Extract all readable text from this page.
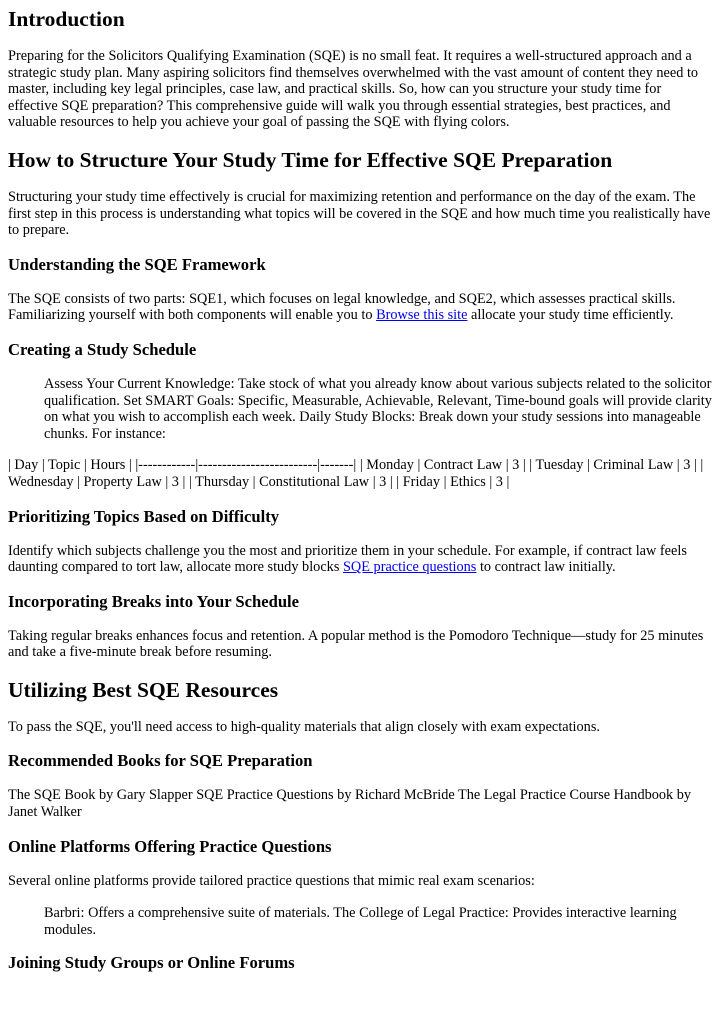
Introduction

Preparing for the Solicitors Qualifying Examination (SQE) is no small feat. It requires a well-structured approach and a strategic study plan. Many aspiring solicitors find themselves overwhelmed with the vast amount of content they need to master, including key legal principles, case law, and practical skills. So, how can you structure your study time for effective SQE preparation? This comprehensive guide will walk you through essential strategies, best practices, and valuable resources to help you achieve your goal of passing the SQE with flying colors.

How to Structure Your Study Time for Effective SQE Preparation

Structuring your study time effectively is crucial for maximizing retention and performance on the day of the exam. The first step in this process is understanding what topics will be covered in the SQE and how much time you realistically have to prepare.

Understanding the SQE Framework

The SQE consists of two parts: SQE1, which focuses on legal knowledge, and SQE2, which assesses practical skills. Familiarizing yourself with both components will enable you to Browse this site allocate your study time efficiently.

Creating a Study Schedule
Assess Your Current Knowledge: Take stock of what you already know about various subjects related to the solicitor qualification. Set SMART Goals: Specific, Measurable, Achievable, Relevant, Time-bound goals will provide clarity on what you wish to accomplish each week. Daily Study Blocks: Break down your study sessions into manageable chunks. For instance:

| Day | Topic | Hours | |------------|-------------------------|-------| | Monday | Contract Law | 3 | | Tuesday | Criminal Law | 3 | | Wednesday | Property Law | 3 | | Thursday | Constitutional Law | 3 | | Friday | Ethics | 3 |

Prioritizing Topics Based on Difficulty

Identify which subjects challenge you the most and prioritize them in your schedule. For example, if contract law feels daunting compared to tort law, allocate more study blocks SQE practice questions to contract law initially.

Incorporating Breaks into Your Schedule

Taking regular breaks enhances focus and retention. A popular method is the Pomodoro Technique—study for 25 minutes and take a five-minute break before resuming.

Utilizing Best SQE Resources

To pass the SQE, you'll need access to high-quality materials that align closely with exam expectations.

Recommended Books for SQE Preparation

The SQE Book by Gary Slapper SQE Practice Questions by Richard McBride The Legal Practice Course Handbook by Janet Walker

Online Platforms Offering Practice Questions

Several online platforms provide tailored practice questions that mimic real exam scenarios:

Barbri: Offers a comprehensive suite of materials. The College of Legal Practice: Provides interactive learning modules.
Joining Study Groups or Online Forums
